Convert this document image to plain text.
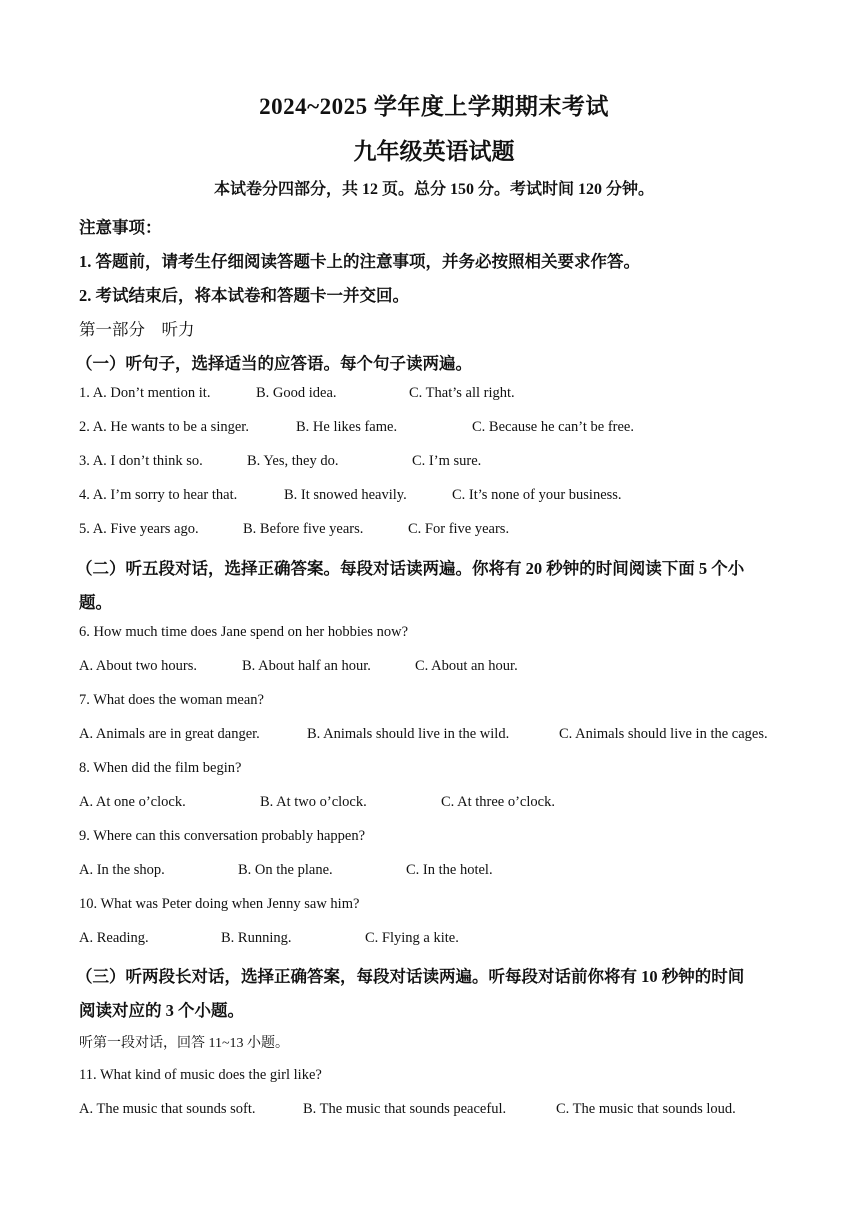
2024~2025 学年度上学期期末考试
九年级英语试题
本试卷分四部分，共 12 页。总分 150 分。考试时间 120 分钟。
注意事项：
1. 答题前，请考生仔细阅读答题卡上的注意事项，并务必按照相关要求作答。
2. 考试结束后，将本试卷和答题卡一并交回。
第一部分　听力
（一）听句子，选择适当的应答语。每个句子读两遍。
1. A. Don’t mention it.	B. Good idea.	C. That’s all right.
2. A. He wants to be a singer.	B. He likes fame.	C. Because he can’t be free.
3. A. I don’t think so.	B. Yes, they do.	C. I’m sure.
4. A. I’m sorry to hear that.	B. It snowed heavily.	C. It’s none of your business.
5. A. Five years ago.	B. Before five years.	C. For five years.
（二）听五段对话，选择正确答案。每段对话读两遍。你将有 20 秒钟的时间阅读下面 5 个小
题。
6. How much time does Jane spend on her hobbies now?
A. About two hours.	B. About half an hour.	C. About an hour.
7. What does the woman mean?
A. Animals are in great danger.	B. Animals should live in the wild.	C. Animals should live in the cages.
8. When did the film begin?
A. At one o’clock.	B. At two o’clock.	C. At three o’clock.
9. Where can this conversation probably happen?
A. In the shop.	B. On the plane.	C. In the hotel.
10. What was Peter doing when Jenny saw him?
A. Reading.	B. Running.	C. Flying a kite.
（三）听两段长对话，选择正确答案，每段对话读两遍。听每段对话前你将有 10 秒钟的时间
阅读对应的 3 个小题。
听第一段对话，回答 11~13 小题。
11. What kind of music does the girl like?
A. The music that sounds soft.	B. The music that sounds peaceful.	C. The music that sounds loud.
